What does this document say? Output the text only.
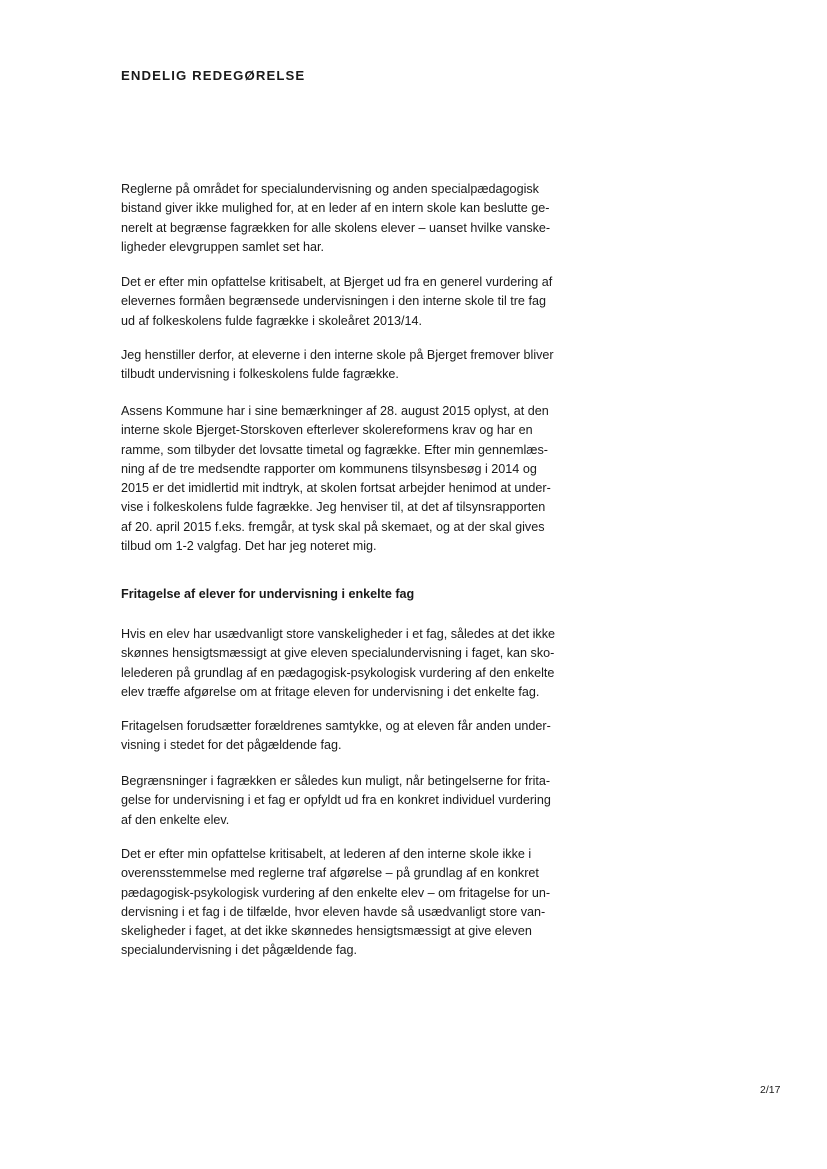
ENDELIG REDEGØRELSE

Reglerne på området for specialundervisning og anden specialpædagogisk
bistand giver ikke mulighed for, at en leder af en intern skole kan beslutte ge-
nerelt at begrænse fagrækken for alle skolens elever – uanset hvilke vanske-
ligheder elevgruppen samlet set har.

Det er efter min opfattelse kritisabelt, at Bjerget ud fra en generel vurdering af
elevernes formåen begrænsede undervisningen i den interne skole til tre fag
ud af folkeskolens fulde fagrække i skoleåret 2013/14.

Jeg henstiller derfor, at eleverne i den interne skole på Bjerget fremover bliver
tilbudt undervisning i folkeskolens fulde fagrække.

Assens Kommune har i sine bemærkninger af 28. august 2015 oplyst, at den
interne skole Bjerget-Storskoven efterlever skolereformens krav og har en
ramme, som tilbyder det lovsatte timetal og fagrække. Efter min gennemlæs-
ning af de tre medsendte rapporter om kommunens tilsynsbesøg i 2014 og
2015 er det imidlertid mit indtryk, at skolen fortsat arbejder henimod at under-
vise i folkeskolens fulde fagrække. Jeg henviser til, at det af tilsynsrapporten
af 20. april 2015 f.eks. fremgår, at tysk skal på skemaet, og at der skal gives
tilbud om 1-2 valgfag. Det har jeg noteret mig.

Fritagelse af elever for undervisning i enkelte fag

Hvis en elev har usædvanligt store vanskeligheder i et fag, således at det ikke
skønnes hensigtsmæssigt at give eleven specialundervisning i faget, kan sko-
lelederen på grundlag af en pædagogisk-psykologisk vurdering af den enkelte
elev træffe afgørelse om at fritage eleven for undervisning i det enkelte fag.

Fritagelsen forudsætter forældrenes samtykke, og at eleven får anden under-
visning i stedet for det pågældende fag.

Begrænsninger i fagrækken er således kun muligt, når betingelserne for frita-
gelse for undervisning i et fag er opfyldt ud fra en konkret individuel vurdering
af den enkelte elev.

Det er efter min opfattelse kritisabelt, at lederen af den interne skole ikke i
overensstemmelse med reglerne traf afgørelse – på grundlag af en konkret
pædagogisk-psykologisk vurdering af den enkelte elev – om fritagelse for un-
dervisning i et fag i de tilfælde, hvor eleven havde så usædvanligt store van-
skeligheder i faget, at det ikke skønnedes hensigtsmæssigt at give eleven
specialundervisning i det pågældende fag.

2/17
